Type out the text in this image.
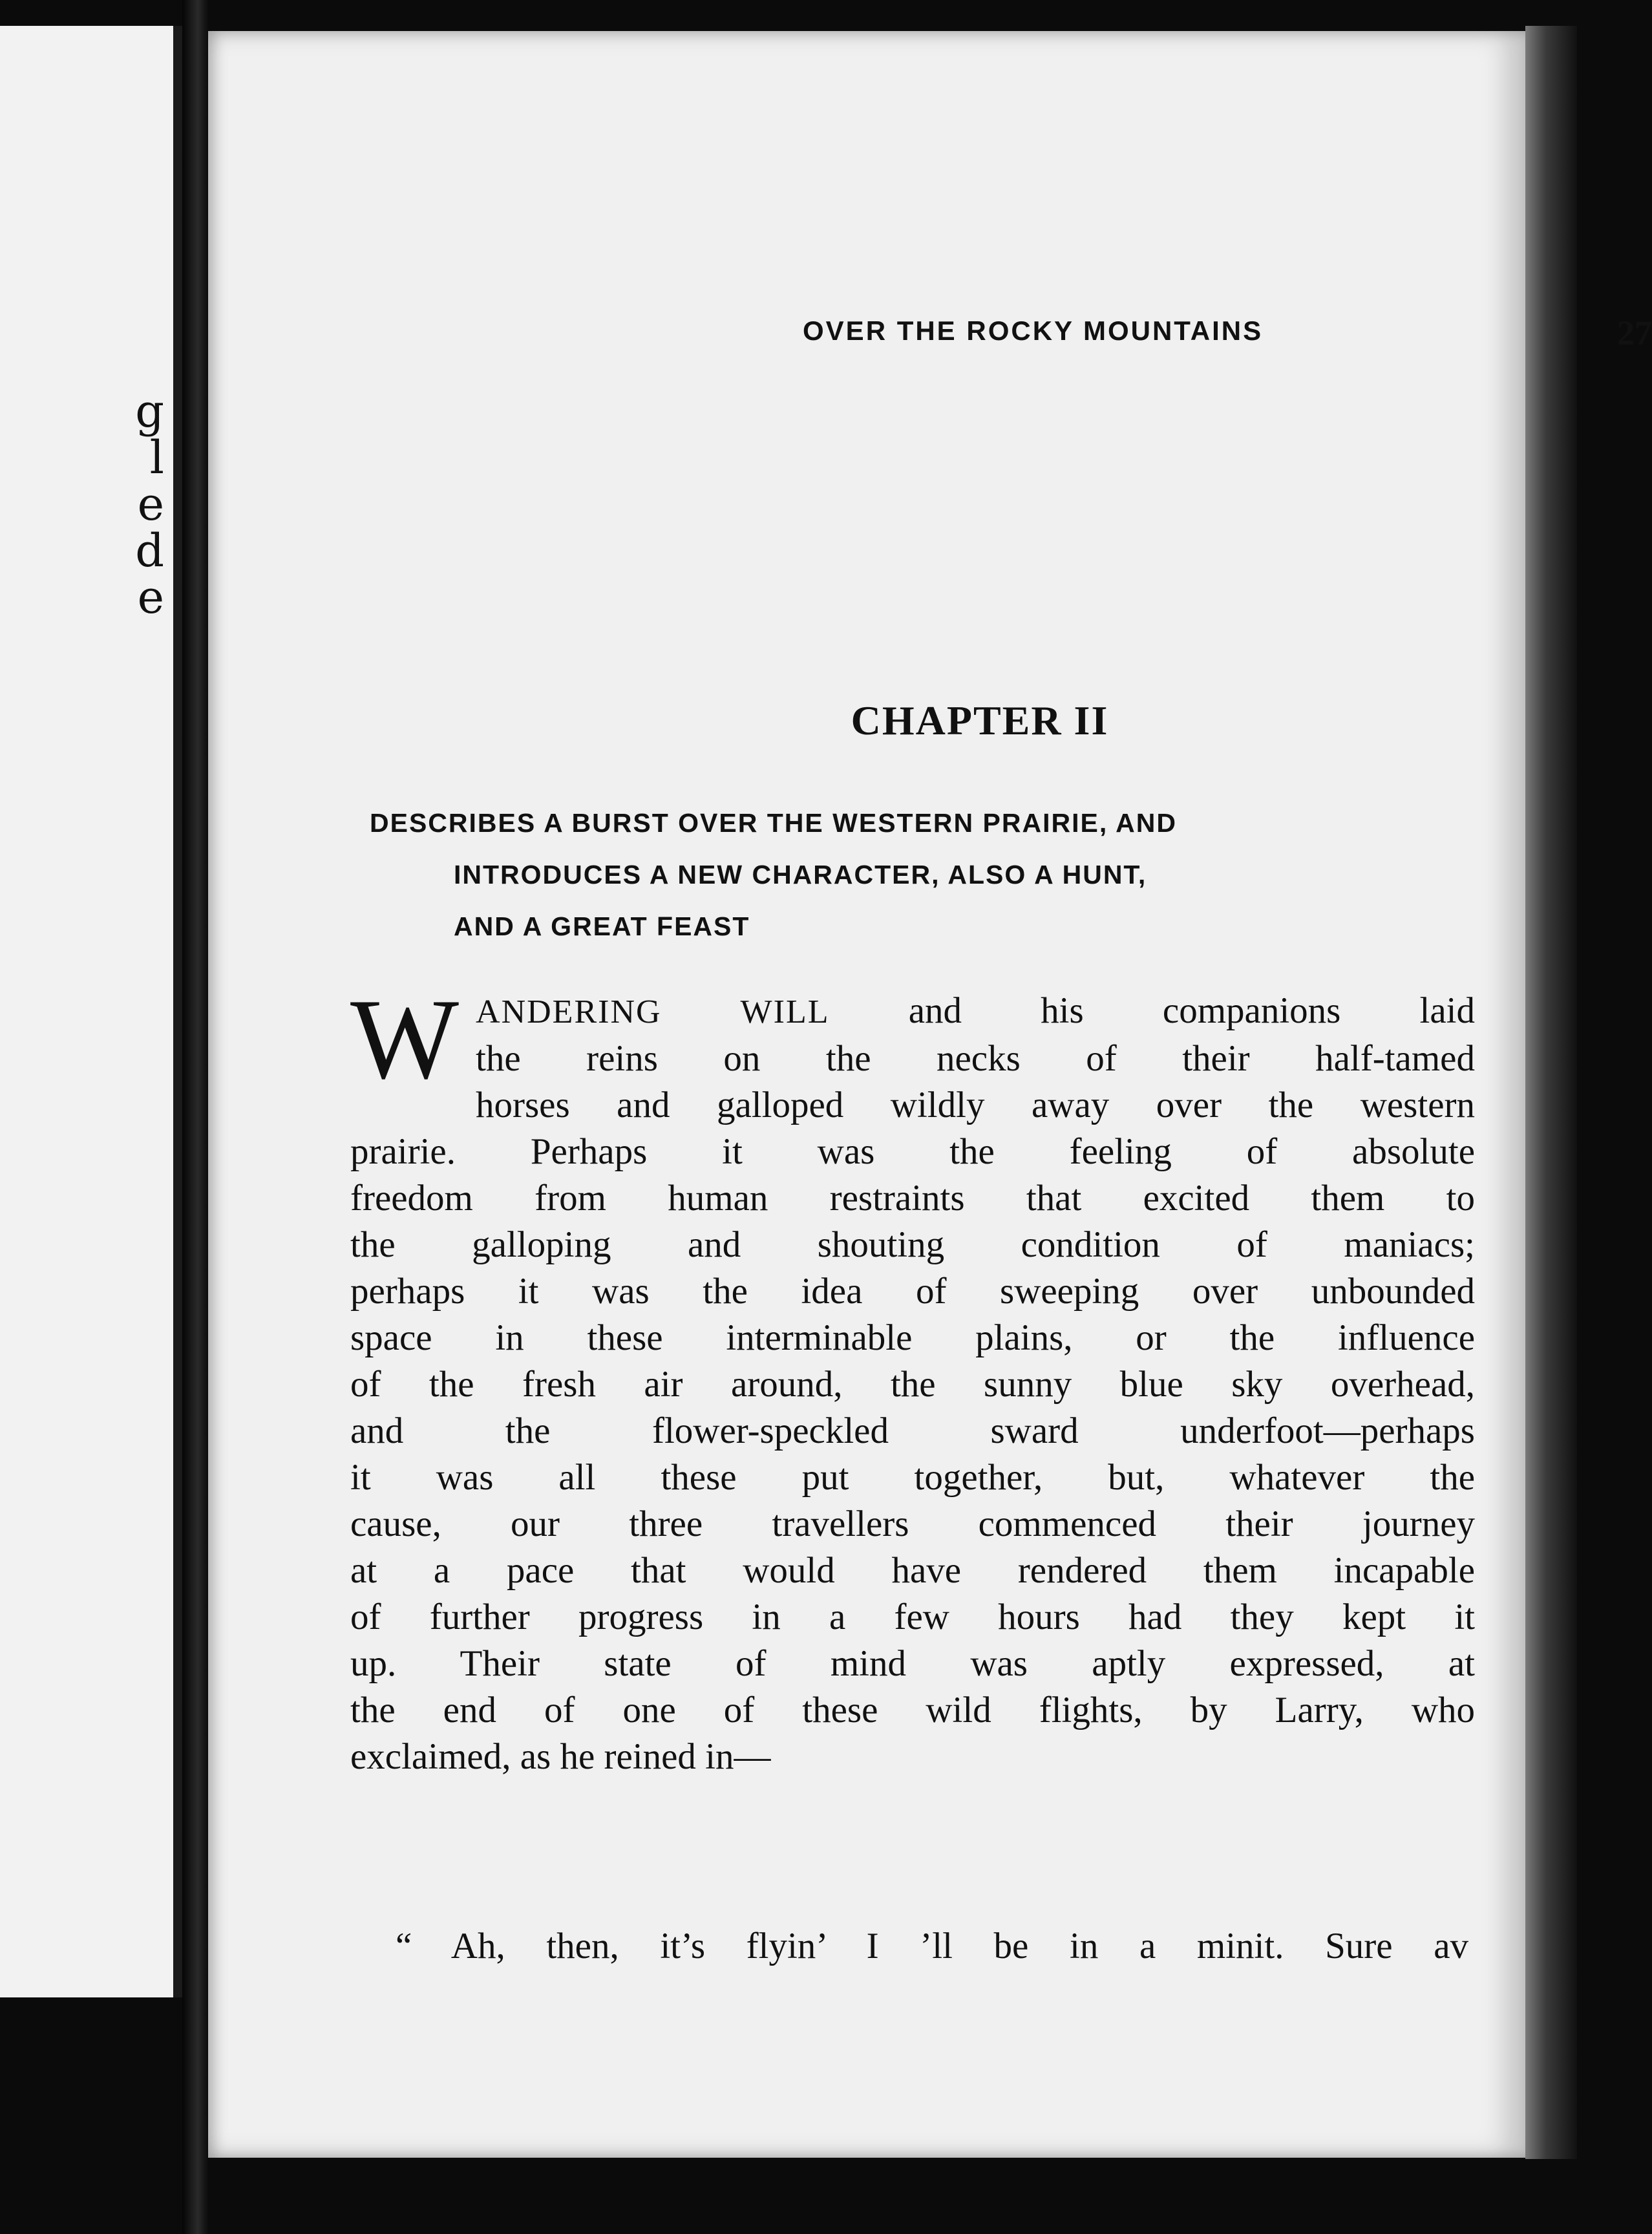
g
l
e
d
e
OVER THE ROCKY MOUNTAINS	27
CHAPTER II
DESCRIBES A BURST OVER THE WESTERN PRAIRIE, AND
INTRODUCES A NEW CHARACTER, ALSO A HUNT,
AND A GREAT FEAST
W ANDERING WILL and his companions laid
the reins on the necks of their half-tamed
horses and galloped wildly away over the western
prairie. Perhaps it was the feeling of absolute
freedom from human restraints that excited them to
the galloping and shouting condition of maniacs;
perhaps it was the idea of sweeping over unbounded
space in these interminable plains, or the influence
of the fresh air around, the sunny blue sky overhead,
and the flower-speckled sward underfoot—perhaps
it was all these put together, but, whatever the
cause, our three travellers commenced their journey
at a pace that would have rendered them incapable
of further progress in a few hours had they kept it
up. Their state of mind was aptly expressed, at
the end of one of these wild flights, by Larry, who
exclaimed, as he reined in—
“ Ah, then, it’s flyin’ I ’ll be in a minit. Sure av
